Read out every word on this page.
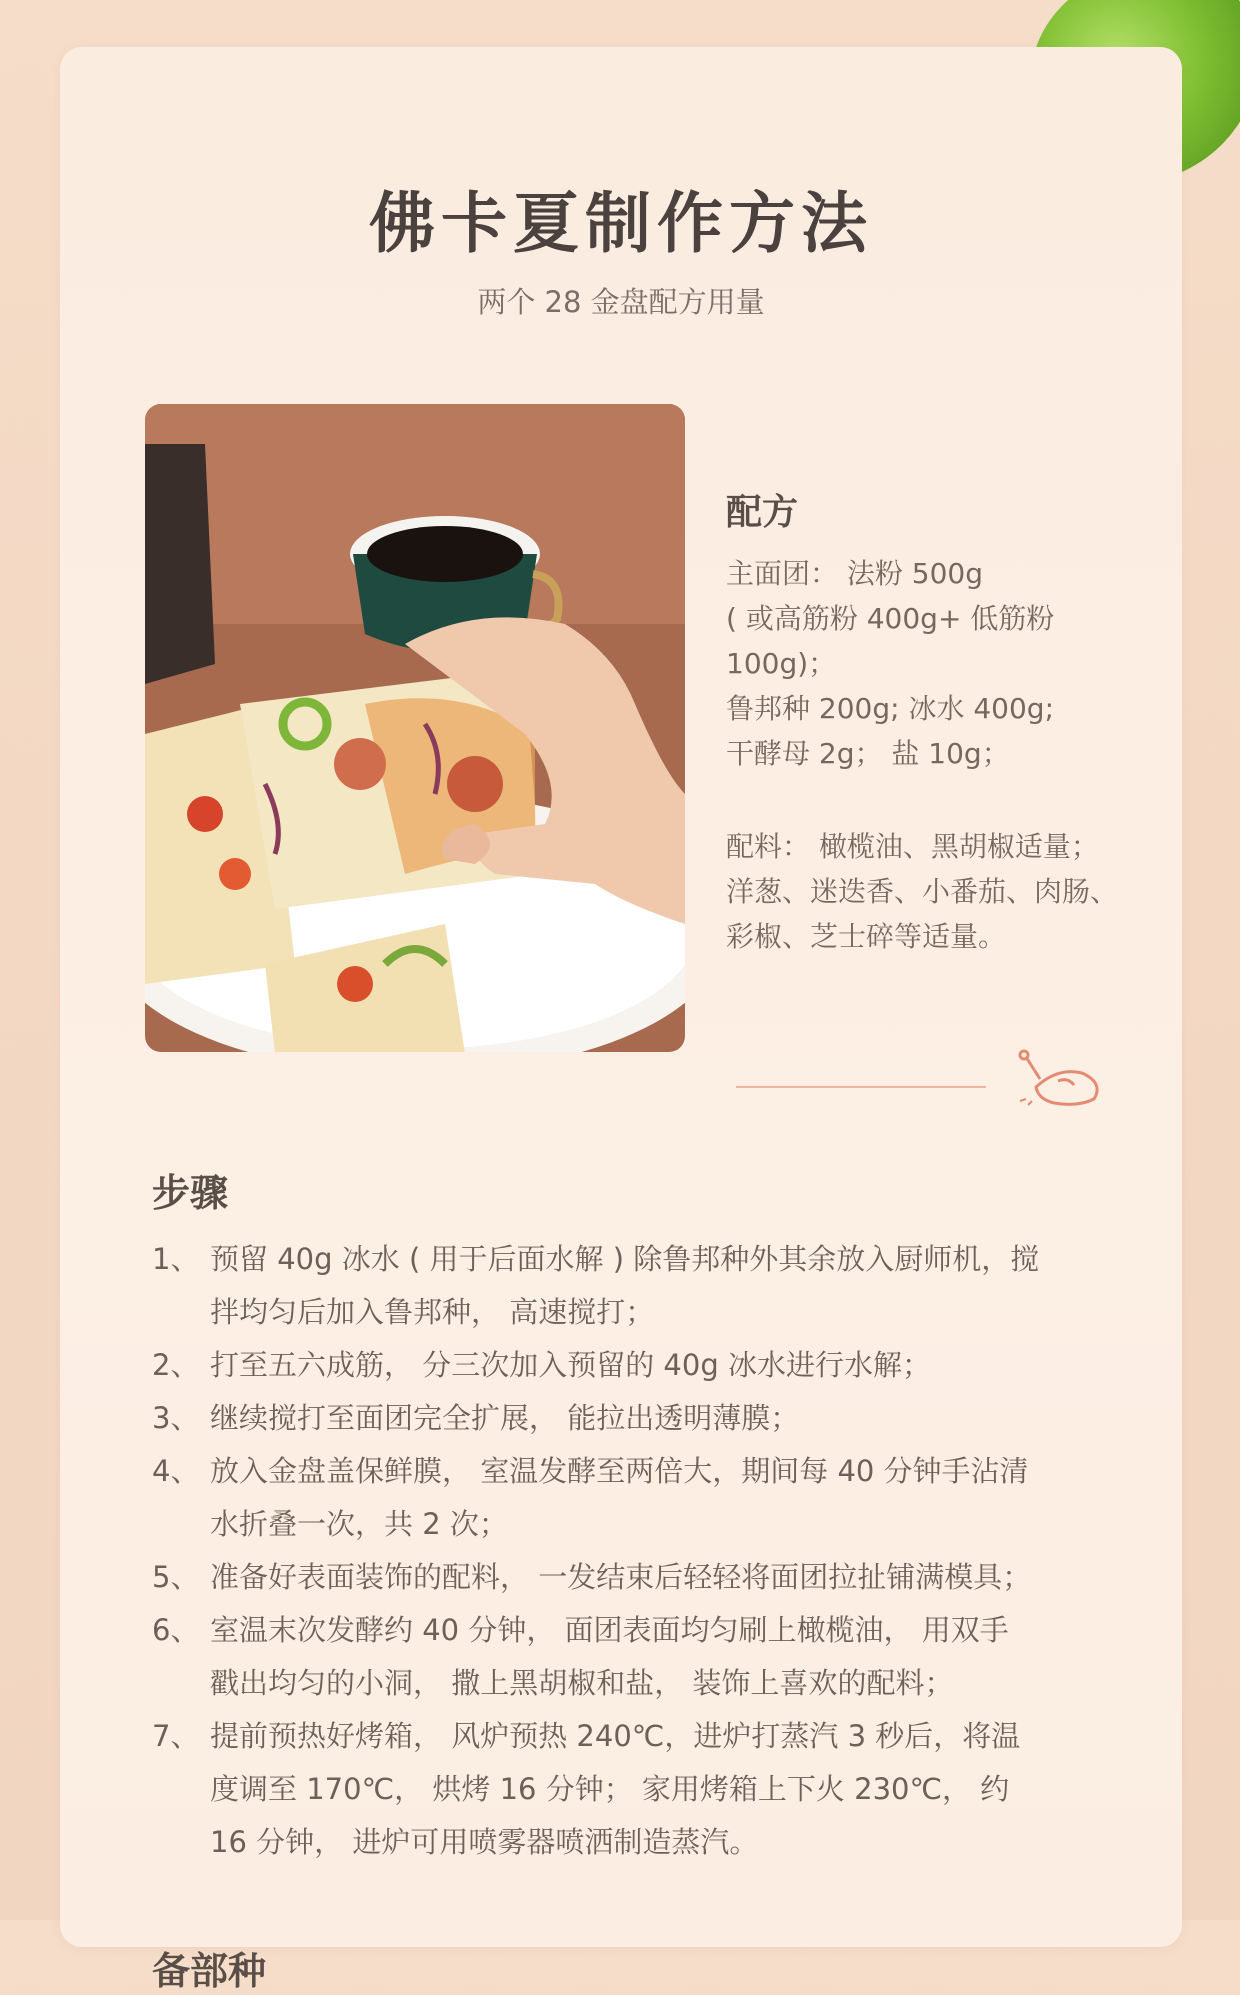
佛卡夏制作方法

两个 28 金盘配方用量

配方

主面团： 法粉 500g
( 或高筋粉 400g+ 低筋粉
100g)；
鲁邦种 200g; 冰水 400g;
干酵母 2g； 盐 10g；

配料： 橄榄油、黑胡椒适量；
洋葱、迷迭香、小番茄、肉肠、
彩椒、芝士碎等适量。

步骤
1、 预留 40g 冰水 ( 用于后面水解 ) 除鲁邦种外其余放入厨师机，搅
拌均匀后加入鲁邦种， 高速搅打；
2、 打至五六成筋， 分三次加入预留的 40g 冰水进行水解；
3、 继续搅打至面团完全扩展， 能拉出透明薄膜；
4、 放入金盘盖保鲜膜， 室温发酵至两倍大，期间每 40 分钟手沾清
水折叠一次，共 2 次；
5、 准备好表面装饰的配料， 一发结束后轻轻将面团拉扯铺满模具；
6、 室温末次发酵约 40 分钟， 面团表面均匀刷上橄榄油， 用双手
戳出均匀的小洞， 撒上黑胡椒和盐， 装饰上喜欢的配料；
7、 提前预热好烤箱， 风炉预热 240℃，进炉打蒸汽 3 秒后，将温
度调至 170℃， 烘烤 16 分钟； 家用烤箱上下火 230℃， 约
16 分钟， 进炉可用喷雾器喷洒制造蒸汽。
备部种
